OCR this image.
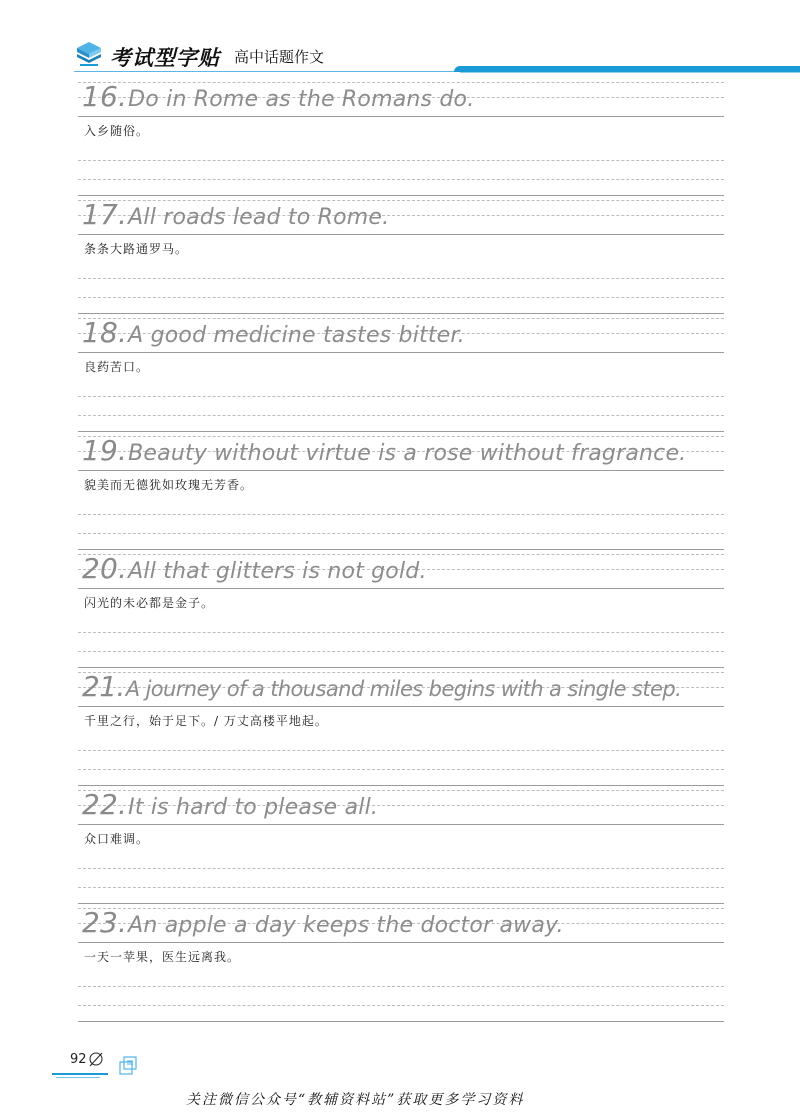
考试型字贴 高中话题作文
16.Do in Rome as the Romans do.
入乡随俗。
17.All roads lead to Rome.
条条大路通罗马。
18.A good medicine tastes bitter.
良药苦口。
19.Beauty without virtue is a rose without fragrance.
貌美而无德犹如玫瑰无芳香。
20.All that glitters is not gold.
闪光的未必都是金子。
21.A journey of a thousand miles begins with a single step.
千里之行，始于足下。/ 万丈高楼平地起。
22.It is hard to please all.
众口难调。
23.An apple a day keeps the doctor away.
一天一苹果，医生远离我。
92
关注微信公众号“教辅资料站”获取更多学习资料
